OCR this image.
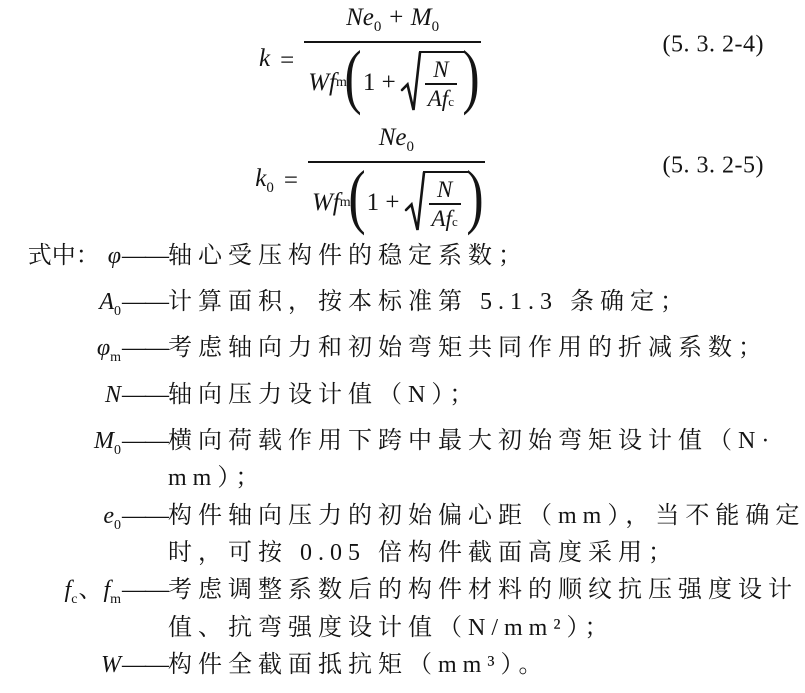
k =
$Ne_0 + M_0$
Wf m
( 1 + N
Af c )	(5. 3. 2-4)
$k_0$ =
$Ne_0$
Wf m
( 1 + N
Af c )	(5. 3. 2-5)
式中： φ —— 轴心受压构件的稳定系数；
$A_0$ —— 计算面积，按本标准第 5.1.3 条确定；
$\varphi_m$ —— 考虑轴向力和初始弯矩共同作用的折减系数；
N —— 轴向压力设计值（N）；
$M_0$ —— 横向荷载作用下跨中最大初始弯矩设计值（N·
mm）；
$e_0$ —— 构件轴向压力的初始偏心距（mm），当不能确定
时，可按 0.05 倍构件截面高度采用；
$f_c$、$f_m$ —— 考虑调整系数后的构件材料的顺纹抗压强度设计
值、抗弯强度设计值（N/mm²）；
W —— 构件全截面抵抗矩（mm³）。
